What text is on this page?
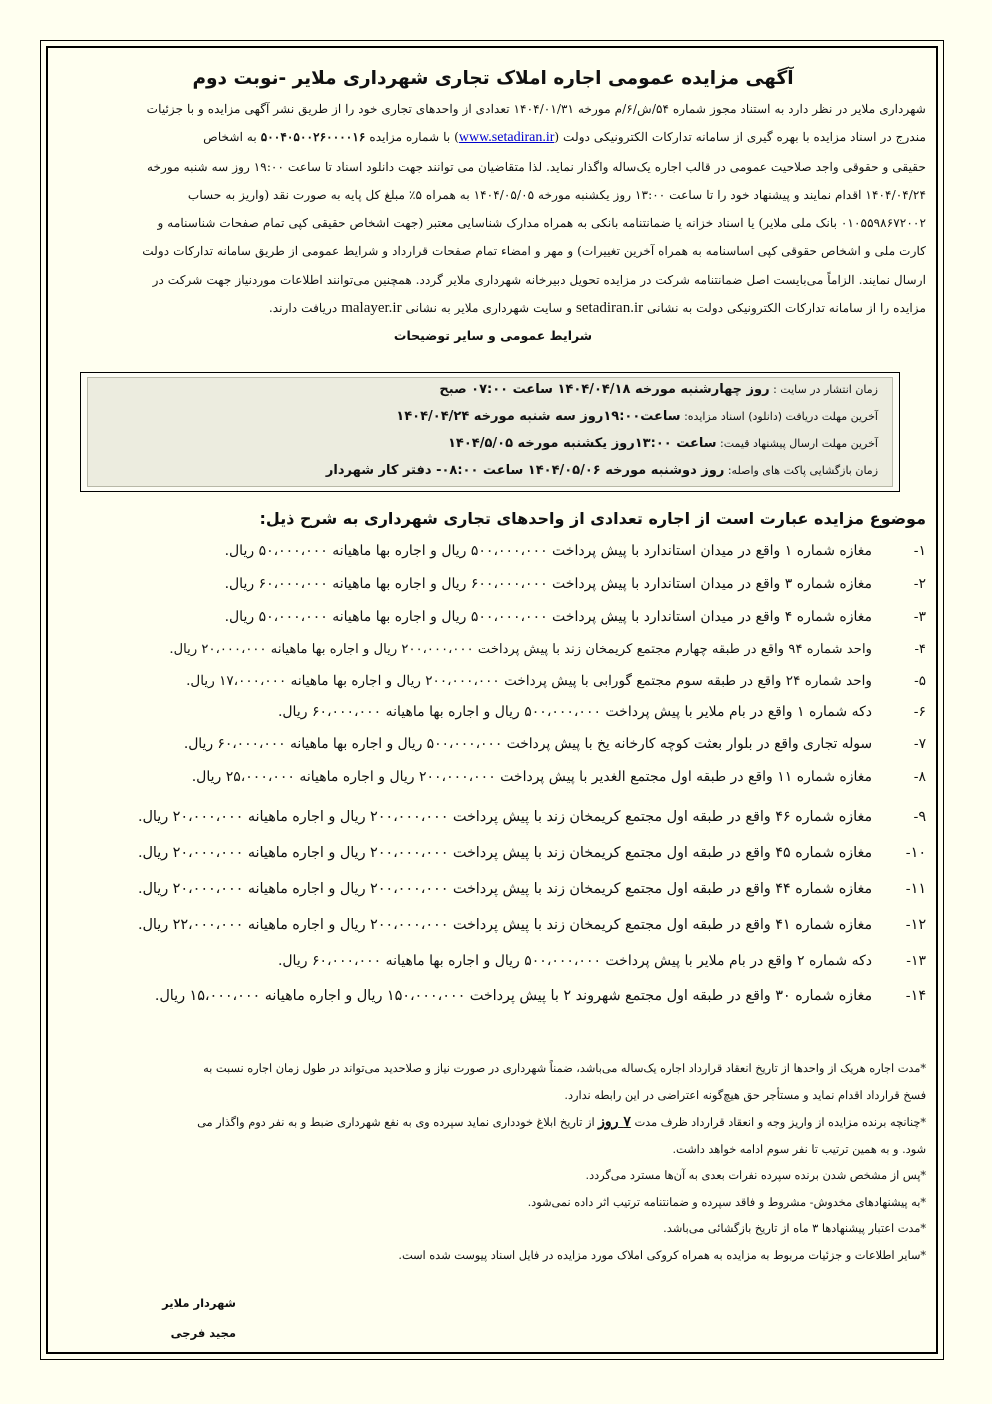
آگهی مزایده عمومی اجاره املاک تجاری شهرداری ملایر -نوبت دوم
شهرداری ملایر در نظر دارد به استناد مجوز شماره ۵۴/ش/۶/م مورخه ۱۴۰۴/۰۱/۳۱ تعدادی از واحدهای تجاری خود را از طریق نشر آگهی مزایده و با جزئیات
مندرج در اسناد مزایده با بهره گیری از سامانه تدارکات الکترونیکی دولت (www.setadiran.ir) با شماره مزایده ۵۰۰۴۰۵۰۰۲۶۰۰۰۰۱۶ به اشخاص
حقیقی و حقوقی واجد صلاحیت عمومی در قالب اجاره یک‌ساله واگذار نماید. لذا متقاضیان می توانند جهت دانلود اسناد تا ساعت ۱۹:۰۰ روز سه شنبه مورخه
۱۴۰۴/۰۴/۲۴ اقدام نمایند و پیشنهاد خود را تا ساعت ۱۳:۰۰ روز یکشنبه مورخه ۱۴۰۴/۰۵/۰۵ به همراه ۵٪ مبلغ کل پایه به صورت نقد (واریز به حساب
۰۱۰۵۵۹۸۶۷۲۰۰۲ بانک ملی ملایر) یا اسناد خزانه یا ضمانتنامه بانکی به همراه مدارک شناسایی معتبر (جهت اشخاص حقیقی کپی تمام صفحات شناسنامه و
کارت ملی و اشخاص حقوقی کپی اساسنامه به همراه آخرین تغییرات) و مهر و امضاء تمام صفحات قرارداد و شرایط عمومی از طریق سامانه تدارکات دولت
ارسال نمایند. الزاماً می‌بایست اصل ضمانتنامه شرکت در مزایده تحویل دبیرخانه شهرداری ملایر گردد. همچنین می‌توانند اطلاعات موردنیاز جهت شرکت در
مزایده را از سامانه تدارکات الکترونیکی دولت به نشانی setadiran.ir و سایت شهرداری ملایر به نشانی malayer.ir دریافت دارند.
شرایط عمومی و سایر توضیحات
زمان انتشار در سایت : روز چهارشنبه مورخه ۱۴۰۴/۰۴/۱۸ ساعت ۰۷:۰۰ صبح
آخرین مهلت دریافت (دانلود) اسناد مزایده: ساعت۱۹:۰۰روز سه شنبه مورخه ۱۴۰۴/۰۴/۲۴
آخرین مهلت ارسال پیشنهاد قیمت: ساعت ۱۳:۰۰روز یکشنبه مورخه ۱۴۰۴/۵/۰۵
زمان بازگشایی پاکت های واصله: روز دوشنبه مورخه ۱۴۰۴/۰۵/۰۶ ساعت ۰۸:۰۰- دفتر کار شهردار
موضوع مزایده عبارت است از اجاره تعدادی از واحدهای تجاری شهرداری به شرح ذیل:
۱-مغازه شماره ۱ واقع در میدان استاندارد با پیش پرداخت ۵۰۰،۰۰۰،۰۰۰ ریال و اجاره بها ماهیانه ۵۰،۰۰۰،۰۰۰ ریال.
۲-مغازه شماره ۳ واقع در میدان استاندارد با پیش پرداخت ۶۰۰،۰۰۰،۰۰۰ ریال و اجاره بها ماهیانه ۶۰،۰۰۰،۰۰۰ ریال.
۳-مغازه شماره ۴ واقع در میدان استاندارد با پیش پرداخت ۵۰۰،۰۰۰،۰۰۰ ریال و اجاره بها ماهیانه ۵۰،۰۰۰،۰۰۰ ریال.
۴-واحد شماره ۹۴ واقع در طبقه چهارم مجتمع کریمخان زند با پیش پرداخت ۲۰۰،۰۰۰،۰۰۰ ریال و اجاره بها ماهیانه ۲۰،۰۰۰،۰۰۰ ریال.
۵-واحد شماره ۲۴ واقع در طبقه سوم مجتمع گورابی با پیش پرداخت ۲۰۰،۰۰۰،۰۰۰ ریال و اجاره بها ماهیانه ۱۷،۰۰۰،۰۰۰ ریال.
۶-دکه شماره ۱ واقع در بام ملایر با پیش پرداخت ۵۰۰،۰۰۰،۰۰۰ ریال و اجاره بها ماهیانه ۶۰،۰۰۰،۰۰۰ ریال.
۷-سوله تجاری واقع در بلوار بعثت کوچه کارخانه یخ با پیش پرداخت ۵۰۰،۰۰۰،۰۰۰ ریال و اجاره بها ماهیانه ۶۰،۰۰۰،۰۰۰ ریال.
۸-مغازه شماره ۱۱ واقع در طبقه اول مجتمع الغدیر با پیش پرداخت ۲۰۰،۰۰۰،۰۰۰ ریال و اجاره ماهیانه ۲۵،۰۰۰،۰۰۰ ریال.
۹-مغازه شماره ۴۶ واقع در طبقه اول مجتمع کریمخان زند با پیش پرداخت ۲۰۰،۰۰۰،۰۰۰ ریال و اجاره ماهیانه ۲۰،۰۰۰،۰۰۰ ریال.
۱۰-مغازه شماره ۴۵ واقع در طبقه اول مجتمع کریمخان زند با پیش پرداخت ۲۰۰،۰۰۰،۰۰۰ ریال و اجاره ماهیانه ۲۰،۰۰۰،۰۰۰ ریال.
۱۱-مغازه شماره ۴۴ واقع در طبقه اول مجتمع کریمخان زند با پیش پرداخت ۲۰۰،۰۰۰،۰۰۰ ریال و اجاره ماهیانه ۲۰،۰۰۰،۰۰۰ ریال.
۱۲-مغازه شماره ۴۱ واقع در طبقه اول مجتمع کریمخان زند با پیش پرداخت ۲۰۰،۰۰۰،۰۰۰ ریال و اجاره ماهیانه ۲۲،۰۰۰،۰۰۰ ریال.
۱۳-دکه شماره ۲ واقع در بام ملایر با پیش پرداخت ۵۰۰،۰۰۰،۰۰۰ ریال و اجاره بها ماهیانه ۶۰،۰۰۰،۰۰۰ ریال.
۱۴-مغازه شماره ۳۰ واقع در طبقه اول مجتمع شهروند ۲ با پیش پرداخت ۱۵۰،۰۰۰،۰۰۰ ریال و اجاره ماهیانه ۱۵،۰۰۰،۰۰۰ ریال.
*مدت اجاره هریک از واحدها از تاریخ انعقاد قرارداد اجاره یک‌ساله می‌باشد، ضمناً شهرداری در صورت نیاز و صلاحدید می‌تواند در طول زمان اجاره نسبت به
فسخ قرارداد اقدام نماید و مستأجر حق هیچ‌گونه اعتراضی در این رابطه ندارد.
*چنانچه برنده مزایده از واریز وجه و انعقاد قرارداد ظرف مدت ۷ روز از تاریخ ابلاغ خودداری نماید سپرده وی به نفع شهرداری ضبط و به نفر دوم واگذار می
شود. و به همین ترتیب تا نفر سوم ادامه خواهد داشت.
*پس از مشخص شدن برنده سپرده نفرات بعدی به آن‌ها مسترد می‌گردد.
*به پیشنهادهای مخدوش- مشروط و فاقد سپرده و ضمانتنامه ترتیب اثر داده نمی‌شود.
*مدت اعتبار پیشنهادها ۳ ماه از تاریخ بازگشائی می‌باشد.
*سایر اطلاعات و جزئیات مربوط به مزایده به همراه کروکی املاک مورد مزایده در فایل اسناد پیوست شده است.
شهردار ملایر
مجید فرجی
